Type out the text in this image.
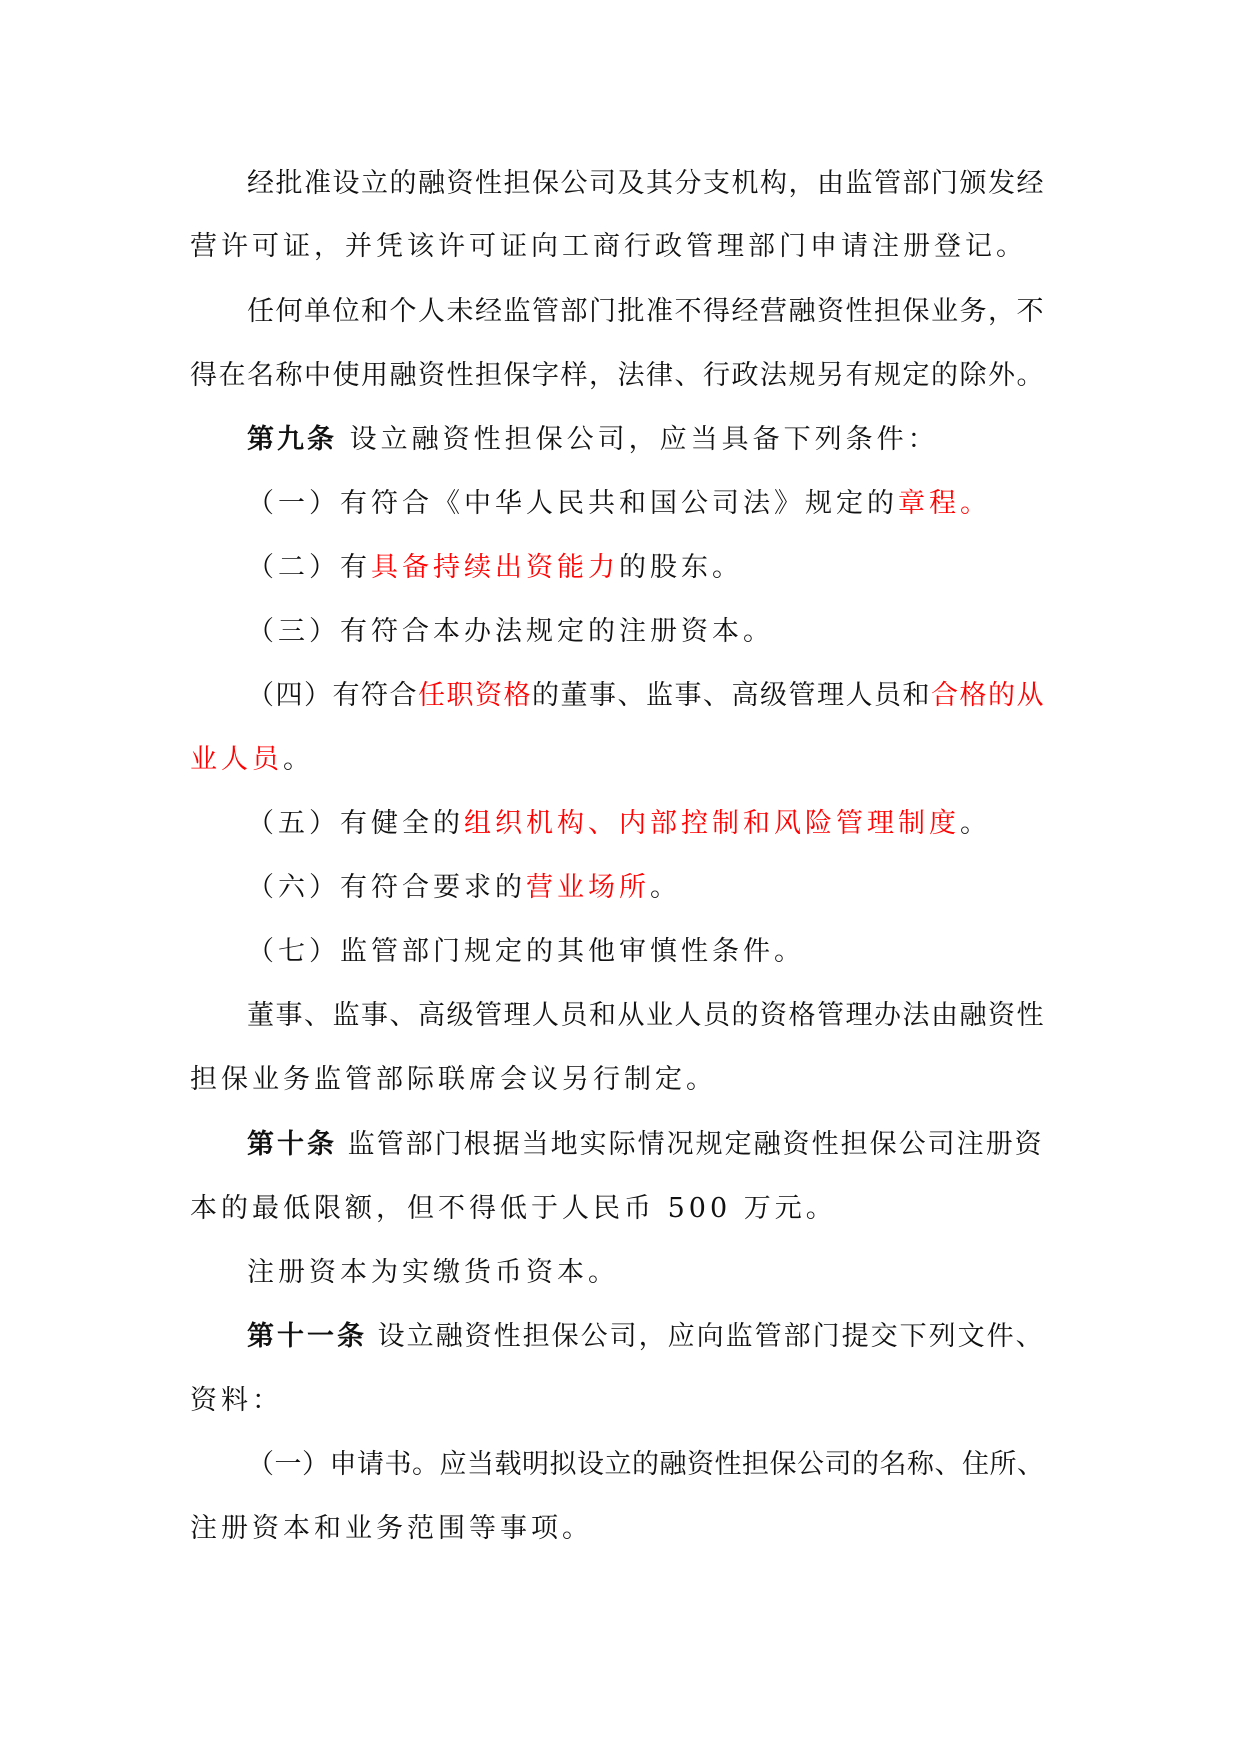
经批准设立的融资性担保公司及其分支机构，由监管部门颁发经
营许可证，并凭该许可证向工商行政管理部门申请注册登记。
任何单位和个人未经监管部门批准不得经营融资性担保业务，不
得在名称中使用融资性担保字样，法律、行政法规另有规定的除外。
第九条 设立融资性担保公司，应当具备下列条件：
（一）有符合《中华人民共和国公司法》规定的章程。
（二）有具备持续出资能力的股东。
（三）有符合本办法规定的注册资本。
（四）有符合任职资格的董事、监事、高级管理人员和合格的从
业人员。
（五）有健全的组织机构、内部控制和风险管理制度。
（六）有符合要求的营业场所。
（七）监管部门规定的其他审慎性条件。
董事、监事、高级管理人员和从业人员的资格管理办法由融资性
担保业务监管部际联席会议另行制定。
第十条 监管部门根据当地实际情况规定融资性担保公司注册资
本的最低限额，但不得低于人民币 500 万元。
注册资本为实缴货币资本。
第十一条 设立融资性担保公司，应向监管部门提交下列文件、
资料：
（一）申请书。应当载明拟设立的融资性担保公司的名称、住所、
注册资本和业务范围等事项。
